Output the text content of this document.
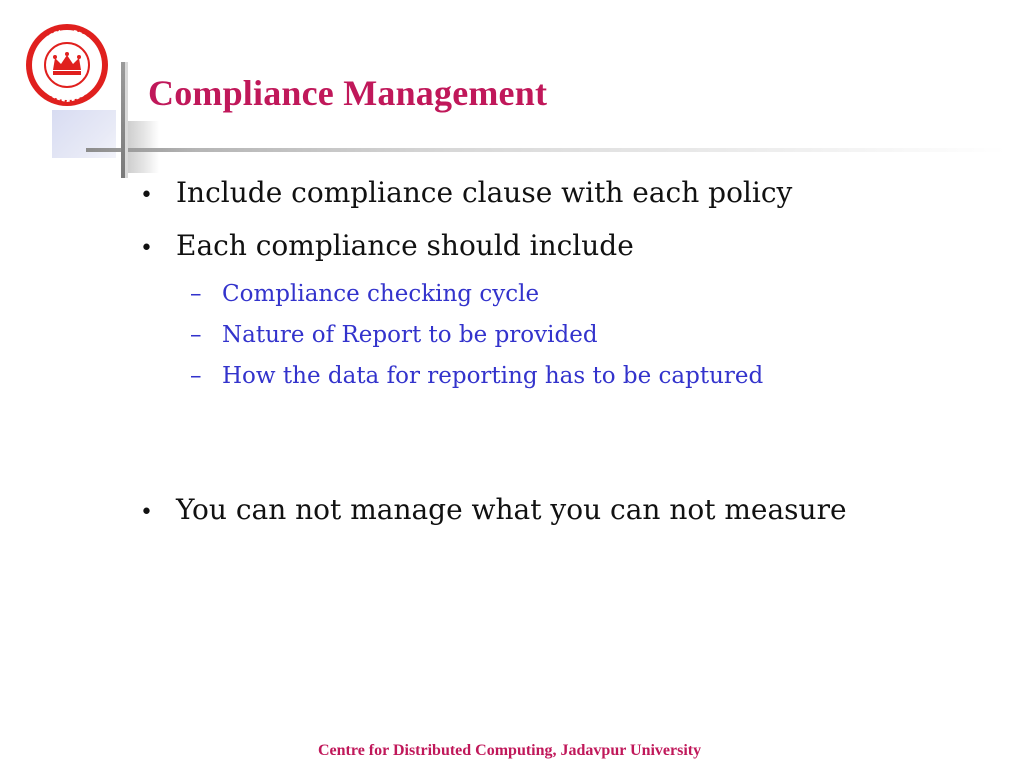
Compliance Management
• Include compliance clause with each policy
• Each compliance should include
– Compliance checking cycle
– Nature of Report to be provided
– How the data for reporting has to be captured
• You can not manage what you can not measure
Centre for Distributed Computing, Jadavpur University
